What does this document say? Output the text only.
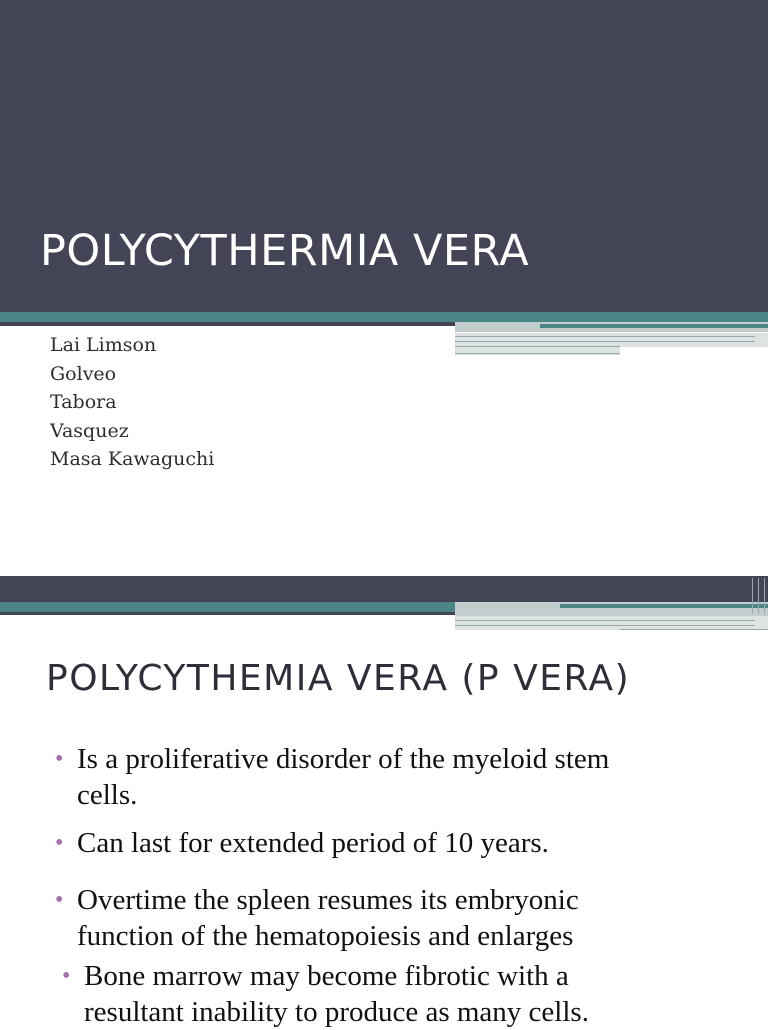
POLYCYTHERMIA VERA
Lai Limson
Golveo
Tabora
Vasquez
Masa Kawaguchi
POLYCYTHEMIA VERA (P VERA)
• Is a proliferative disorder of the myeloid stem
cells.
• Can last for extended period of 10 years.
• Overtime the spleen resumes its embryonic
function of the hematopoiesis and enlarges
• Bone marrow may become fibrotic with a
resultant inability to produce as many cells.
